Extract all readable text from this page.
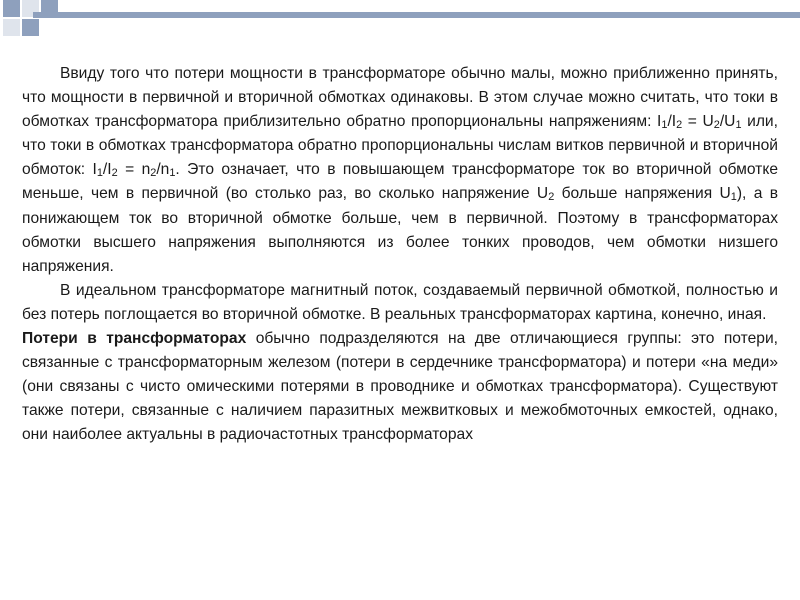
Ввиду того что потери мощности в трансформаторе обычно малы, можно приближенно принять, что мощности в первичной и вторичной обмотках одинаковы. В этом случае можно считать, что токи в обмотках трансформатора приблизительно обратно пропорциональны напряжениям: $I_1/I_2 = U_2/U_1$ или, что токи в обмотках трансформатора обратно пропорциональны числам витков первичной и вторичной обмоток: $I_1/I_2 = n_2/n_1$. Это означает, что в повышающем трансформаторе ток во вторичной обмотке меньше, чем в первичной (во столько раз, во сколько напряжение $U_2$ больше напряжения $U_1$), а в понижающем ток во вторичной обмотке больше, чем в первичной. Поэтому в трансформаторах обмотки высшего напряжения выполняются из более тонких проводов, чем обмотки низшего напряжения.

В идеальном трансформаторе магнитный поток, создаваемый первичной обмоткой, полностью и без потерь поглощается во вторичной обмотке. В реальных трансформаторах картина, конечно, иная.

Потери в трансформаторах обычно подразделяются на две отличающиеся группы: это потери, связанные с трансформаторным железом (потери в сердечнике трансформатора) и потери «на меди» (они связаны с чисто омическими потерями в проводнике и обмотках трансформатора). Существуют также потери, связанные с наличием паразитных межвитковых и межобмоточных емкостей, однако, они наиболее актуальны в радиочастотных трансформаторах
